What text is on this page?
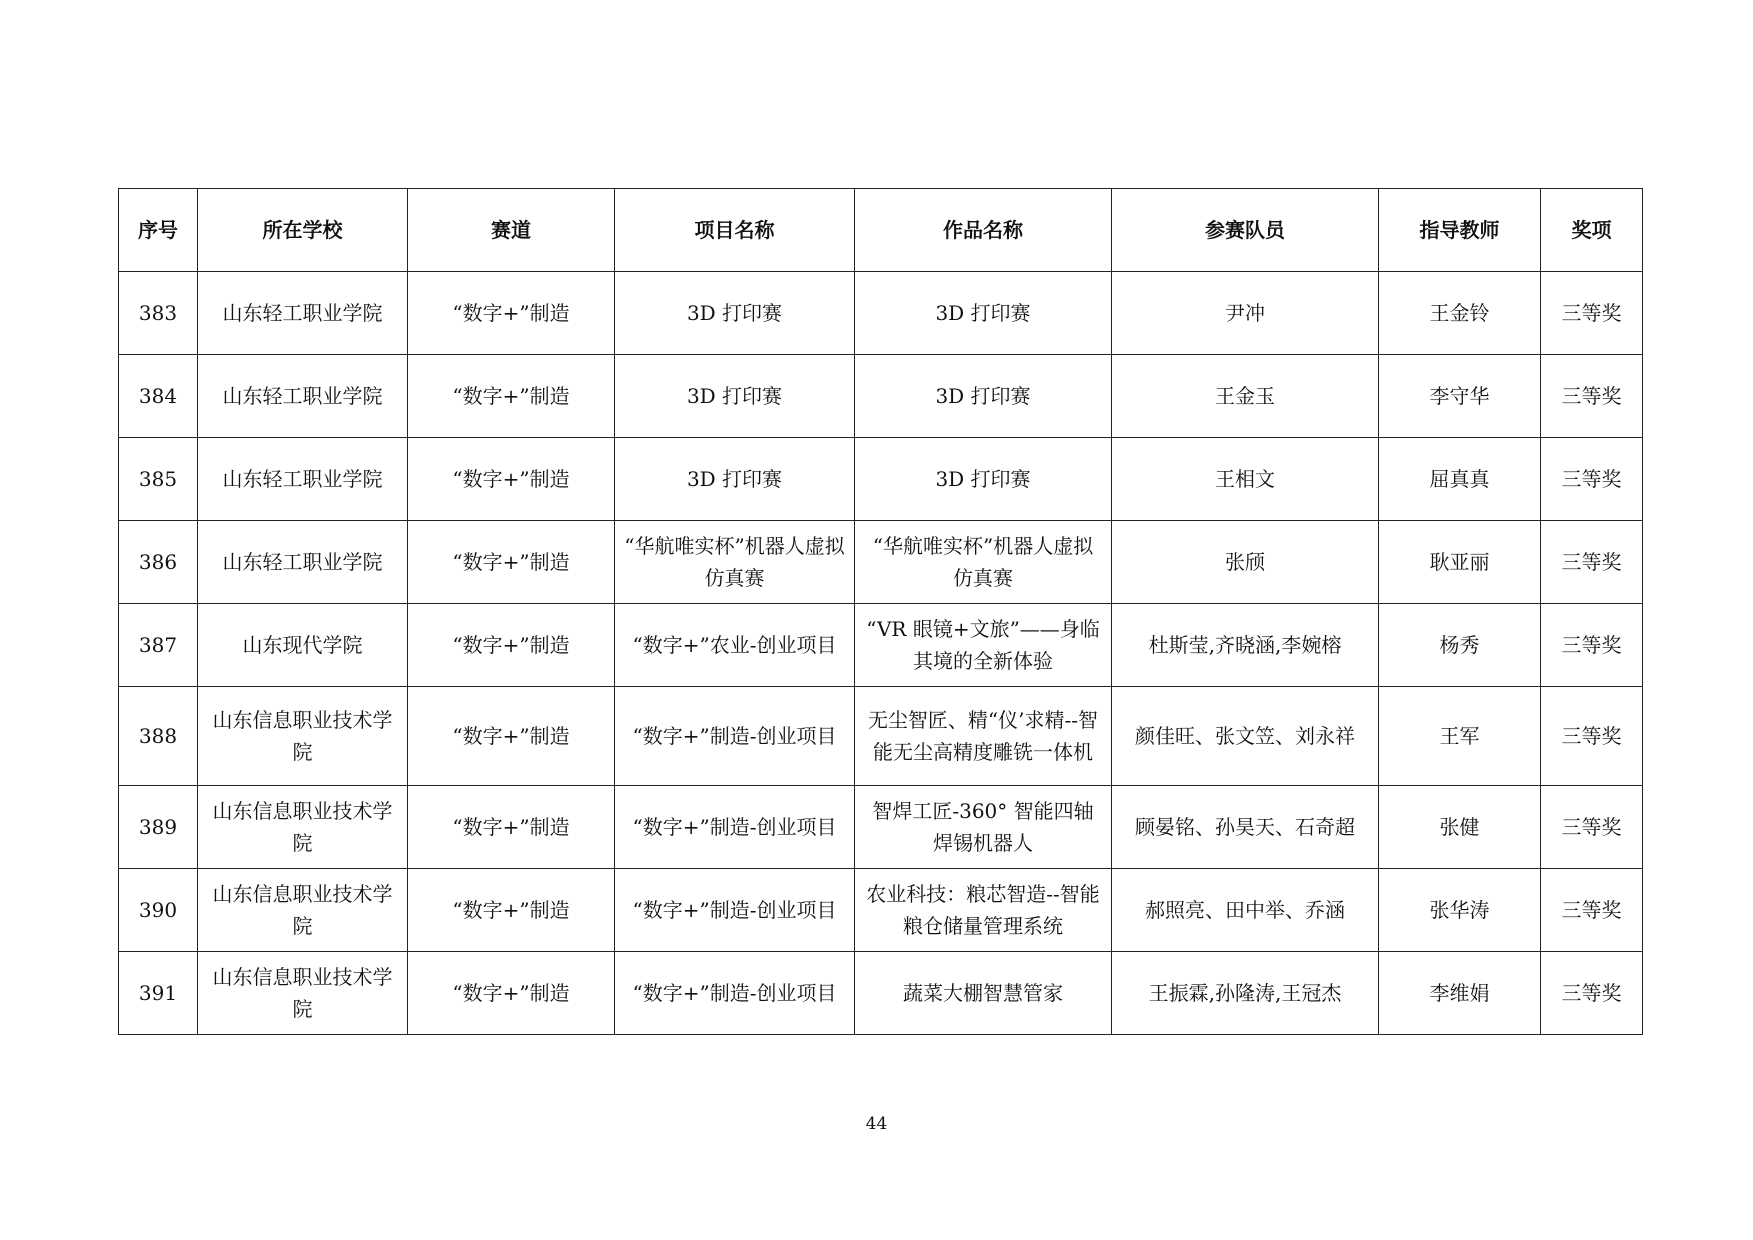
序号	所在学校	赛道	项目名称	作品名称	参赛队员	指导教师	奖项
383	山东轻工职业学院	“数字+”制造	3D 打印赛	3D 打印赛	尹冲	王金铃	三等奖
384	山东轻工职业学院	“数字+”制造	3D 打印赛	3D 打印赛	王金玉	李守华	三等奖
385	山东轻工职业学院	“数字+”制造	3D 打印赛	3D 打印赛	王相文	屈真真	三等奖
386	山东轻工职业学院	“数字+”制造	“华航唯实杯”机器人虚拟仿真赛	“华航唯实杯”机器人虚拟仿真赛	张颀	耿亚丽	三等奖
387	山东现代学院	“数字+”制造	“数字+”农业-创业项目	“VR 眼镜+文旅”——身临其境的全新体验	杜斯莹,齐晓涵,李婉榕	杨秀	三等奖
388	山东信息职业技术学院	“数字+”制造	“数字+”制造-创业项目	无尘智匠、精“仪’求精--智能无尘高精度雕铣一体机	颜佳旺、张文笠、刘永祥	王军	三等奖
389	山东信息职业技术学院	“数字+”制造	“数字+”制造-创业项目	智焊工匠-360° 智能四轴焊锡机器人	顾晏铭、孙昊天、石奇超	张健	三等奖
390	山东信息职业技术学院	“数字+”制造	“数字+”制造-创业项目	农业科技：粮芯智造--智能粮仓储量管理系统	郝照亮、田中举、乔涵	张华涛	三等奖
391	山东信息职业技术学院	“数字+”制造	“数字+”制造-创业项目	蔬菜大棚智慧管家	王振霖,孙隆涛,王冠杰	李维娟	三等奖
44
